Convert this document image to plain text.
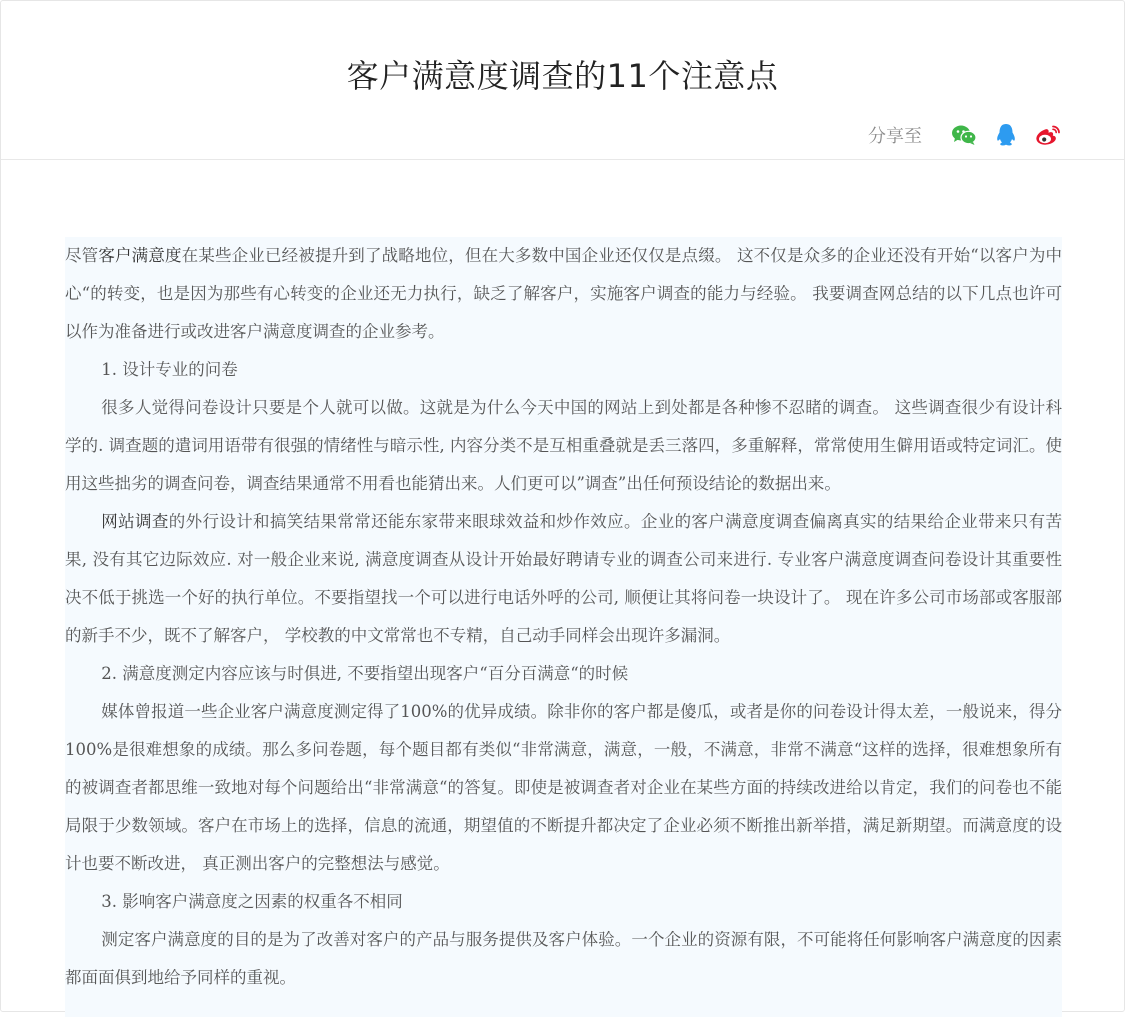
客户满意度调查的11个注意点
分享至

尽管客户满意度在某些企业已经被提升到了战略地位，但在大多数中国企业还仅仅是点缀。 这不仅是众多的企业还没有开始“以客户为中心“的转变，也是因为那些有心转变的企业还无力执行，缺乏了解客户，实施客户调查的能力与经验。 我要调查网总结的以下几点也许可以作为准备进行或改进客户满意度调查的企业参考。

1. 设计专业的问卷

很多人觉得问卷设计只要是个人就可以做。这就是为什么今天中国的网站上到处都是各种惨不忍睹的调查。 这些调查很少有设计科学的. 调查题的遣词用语带有很强的情绪性与暗示性, 内容分类不是互相重叠就是丢三落四，多重解释，常常使用生僻用语或特定词汇。使用这些拙劣的调查问卷，调查结果通常不用看也能猜出来。人们更可以”调查”出任何预设结论的数据出来。

网站调查的外行设计和搞笑结果常常还能东家带来眼球效益和炒作效应。企业的客户满意度调查偏离真实的结果给企业带来只有苦果, 没有其它边际效应. 对一般企业来说, 满意度调查从设计开始最好聘请专业的调查公司来进行. 专业客户满意度调查问卷设计其重要性决不低于挑选一个好的执行单位。不要指望找一个可以进行电话外呼的公司, 顺便让其将问卷一块设计了。 现在许多公司市场部或客服部的新手不少，既不了解客户， 学校教的中文常常也不专精，自己动手同样会出现许多漏洞。

2. 满意度测定内容应该与时俱进, 不要指望出现客户“百分百满意“的时候

媒体曾报道一些企业客户满意度测定得了100%的优异成绩。除非你的客户都是傻瓜，或者是你的问卷设计得太差，一般说来，得分100%是很难想象的成绩。那么多问卷题，每个题目都有类似“非常满意，满意，一般，不满意，非常不满意“这样的选择，很难想象所有的被调查者都思维一致地对每个问题给出“非常满意“的答复。即使是被调查者对企业在某些方面的持续改进给以肯定，我们的问卷也不能局限于少数领域。客户在市场上的选择，信息的流通，期望值的不断提升都决定了企业必须不断推出新举措，满足新期望。而满意度的设计也要不断改进， 真正测出客户的完整想法与感觉。

3. 影响客户满意度之因素的权重各不相同

测定客户满意度的目的是为了改善对客户的产品与服务提供及客户体验。一个企业的资源有限，不可能将任何影响客户满意度的因素都面面俱到地给予同样的重视。
